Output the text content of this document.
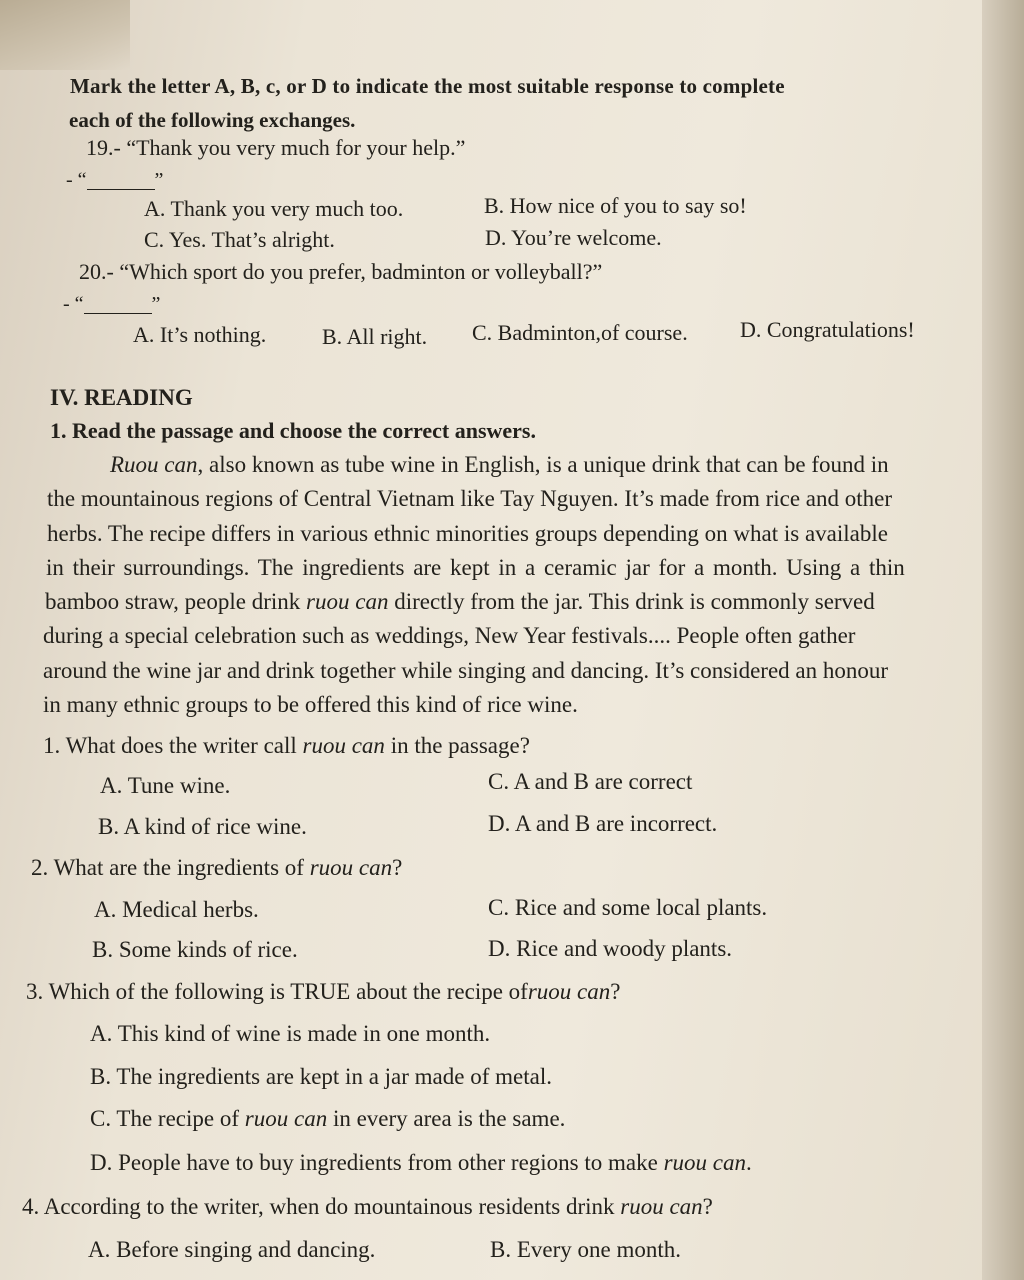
Mark the letter A, B, c, or D to indicate the most suitable response to complete
each of the following exchanges.
19.- “Thank you very much for your help.”
- “	”
A. Thank you very much too.	B. How nice of you to say so!
C. Yes. That’s alright.	D. You’re welcome.
20.- “Which sport do you prefer, badminton or volleyball?”
- “	”
A. It’s nothing.	B. All right. C. Badminton,of course. D. Congratulations!
IV. READING
1. Read the passage and choose the correct answers.
Ruou can, also known as tube wine in English, is a unique drink that can be found in
the mountainous regions of Central Vietnam like Tay Nguyen. It’s made from rice and other
herbs. The recipe differs in various ethnic minorities groups depending on what is available
in their surroundings. The ingredients are kept in a ceramic jar for a month. Using a thin
bamboo straw, people drink ruou can directly from the jar. This drink is commonly served
during a special celebration such as weddings, New Year festivals.... People often gather
around the wine jar and drink together while singing and dancing. It’s considered an honour
in many ethnic groups to be offered this kind of rice wine.
1. What does the writer call ruou can in the passage?
A. Tune wine.	C. A and B are correct
B. A kind of rice wine.	D. A and B are incorrect.
2. What are the ingredients of ruou can?
A. Medical herbs.	C. Rice and some local plants.
B. Some kinds of rice.	D. Rice and woody plants.
3. Which of the following is TRUE about the recipe ofruou can?
A. This kind of wine is made in one month.
B. The ingredients are kept in a jar made of metal.
C. The recipe of ruou can in every area is the same.
D. People have to buy ingredients from other regions to make ruou can.
4. According to the writer, when do mountainous residents drink ruou can?
A. Before singing and dancing.	B. Every one month.
